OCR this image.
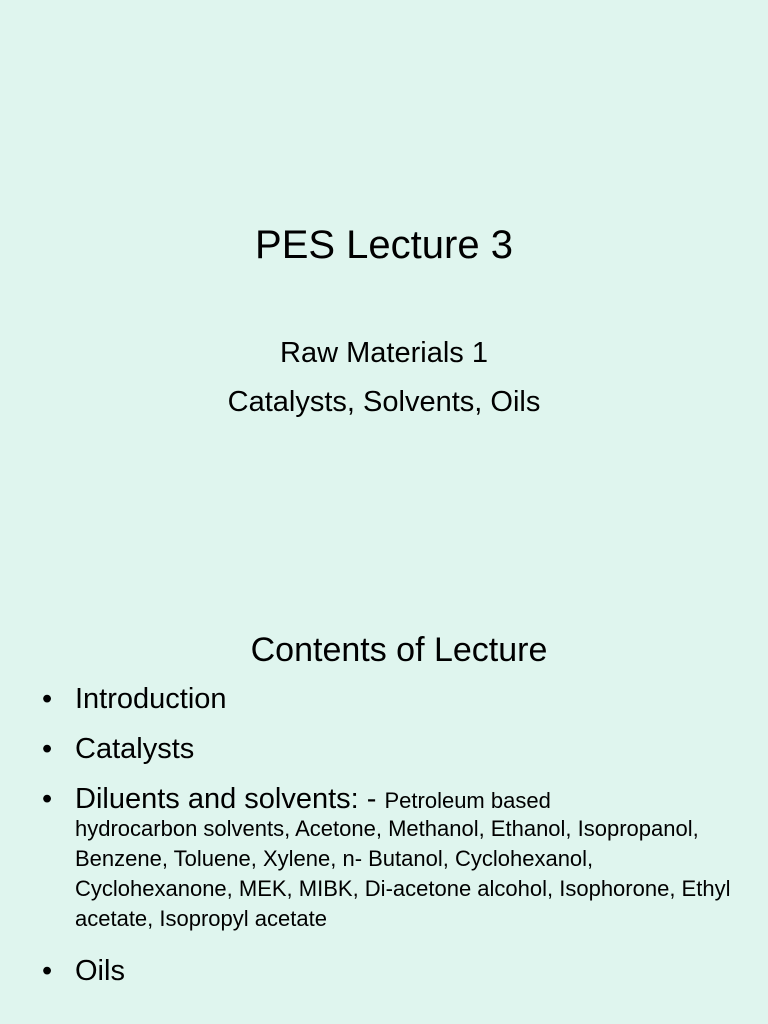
PES Lecture 3

Raw Materials 1

Catalysts, Solvents, Oils

Contents of Lecture
• Introduction
• Catalysts
• Diluents and solvents: - Petroleum based
hydrocarbon solvents, Acetone, Methanol, Ethanol, Isopropanol, Benzene, Toluene, Xylene, n- Butanol, Cyclohexanol, Cyclohexanone, MEK, MIBK, Di-acetone alcohol, Isophorone, Ethyl acetate, Isopropyl acetate
• Oils
